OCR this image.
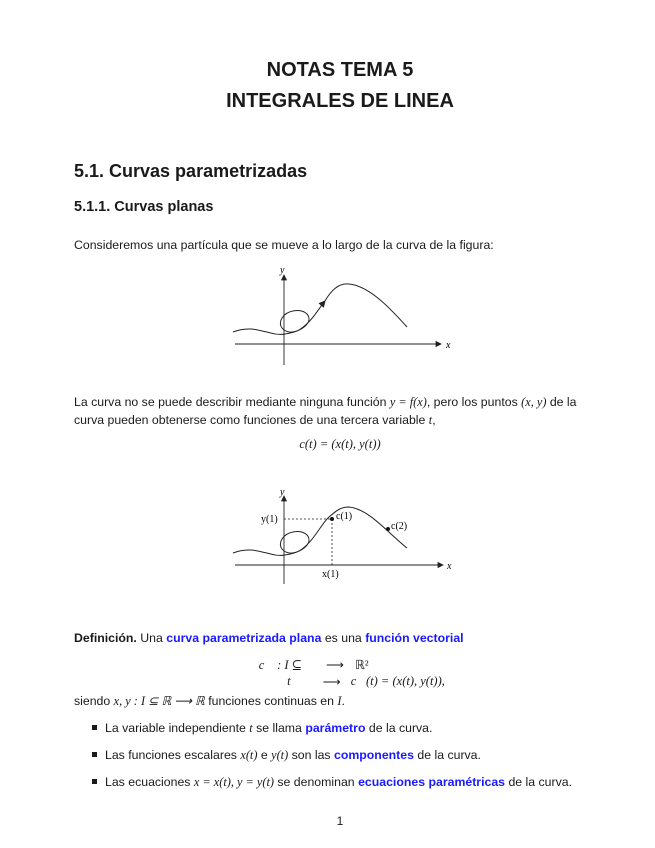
NOTAS TEMA 5
INTEGRALES DE LINEA
5.1. Curvas parametrizadas
5.1.1. Curvas planas
Consideremos una partícula que se mueve a lo largo de la curva de la figura:
x
y
La curva no se puede describir mediante ninguna función y = f(x), pero los puntos (x, y) de la
curva pueden obtenerse como funciones de una tercera variable t,
c(t) = (x(t), y(t))
x
y
y(1)	c(1)
c(2)
x(1)
Definición. Una curva parametrizada plana es una función vectorial
c⃗ : I ⊆ ℝ ⟶ ℝ²
t	⟶ c⃗(t) = (x(t), y(t)),
siendo x, y : I ⊆ ℝ ⟶ ℝ funciones continuas en I.
La variable independiente t se llama parámetro de la curva.
Las funciones escalares x(t) e y(t) son las componentes de la curva.
Las ecuaciones x = x(t), y = y(t) se denominan ecuaciones paramétricas de la curva.
1
